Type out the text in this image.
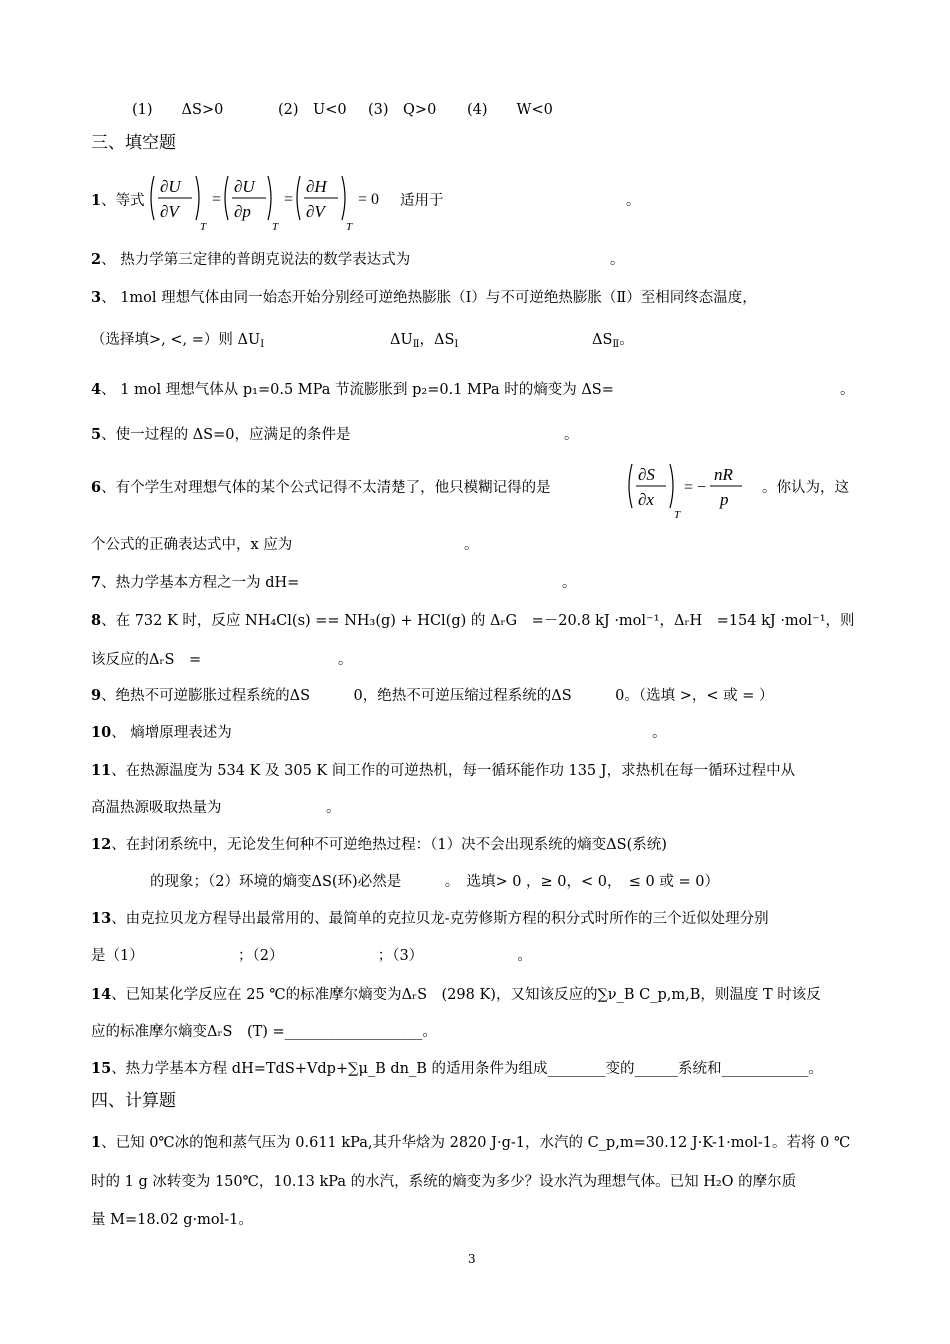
(1)　　ΔS>0	(2)　U<0 (3)　Q>0 (4)　　W<0
三、填空题
1、等式
∂U
∂V
T
=
∂U
∂p
T
=
∂H
∂V
T
= 0 适用于	。
2、 热力学第三定律的普朗克说法的数学表达式为	。
3、 1mol 理想气体由同一始态开始分别经可逆绝热膨胀（Ⅰ）与不可逆绝热膨胀（Ⅱ）至相同终态温度，
（选择填>, <, =）则 $\Delta U_Ⅰ$	$\Delta U_Ⅱ$，$\Delta S_Ⅰ$	$\Delta S_Ⅱ$。
4、 1 mol 理想气体从 p₁=0.5 MPa 节流膨胀到 p₂=0.1 MPa 时的熵变为 ΔS=	。
5、使一过程的 ΔS=0，应满足的条件是	。
6、有个学生对理想气体的某个公式记得不太清楚了，他只模糊记得的是
∂S
∂x
T
= −
nR
p
。你认为，这
个公式的正确表达式中，x 应为	。
7、热力学基本方程之一为 dH=	。
8、在 732 K 时，反应 NH₄Cl(s) == NH₃(g) + HCl(g) 的 ΔᵣG　=－20.8 kJ ·mol⁻¹，ΔᵣH　=154 kJ ·mol⁻¹，则
该反应的ΔᵣS　=	。
9、绝热不可逆膨胀过程系统的ΔS　　　0，绝热不可逆压缩过程系统的ΔS　　　0。（选填 >，< 或 = ）
10、 熵增原理表述为	。
11、在热源温度为 534 K 及 305 K 间工作的可逆热机，每一循环能作功 135 J，求热机在每一循环过程中从
高温热源吸取热量为	。
12、在封闭系统中，无论发生何种不可逆绝热过程：（1）决不会出现系统的熵变ΔS(系统)
的现象；（2）环境的熵变ΔS(环)必然是　　　。　选填> 0 ，≥ 0，< 0，　≤ 0 或 = 0）
13、由克拉贝龙方程导出最常用的、最简单的克拉贝龙-克劳修斯方程的积分式时所作的三个近似处理分别
是（1）　　　　　　　；（2）　　　　　　　；（3）　　　　　　　。
14、已知某化学反应在 25 ℃的标准摩尔熵变为ΔᵣS　(298 K)，又知该反应的∑ν_B C_p,m,B，则温度 T 时该反
应的标准摩尔熵变ΔᵣS　(T) =___________________。
15、热力学基本方程 dH=TdS+Vdp+∑μ_B dn_B 的适用条件为组成________变的______系统和____________。
四、计算题
1、已知 0℃冰的饱和蒸气压为 0.611 kPa,其升华焓为 2820 J·g-1，水汽的 C_p,m=30.12 J·K-1·mol-1。若将 0 ℃
时的 1 g 冰转变为 150℃，10.13 kPa 的水汽，系统的熵变为多少？设水汽为理想气体。已知 H₂O 的摩尔质
量 M=18.02 g·mol-1。
3
